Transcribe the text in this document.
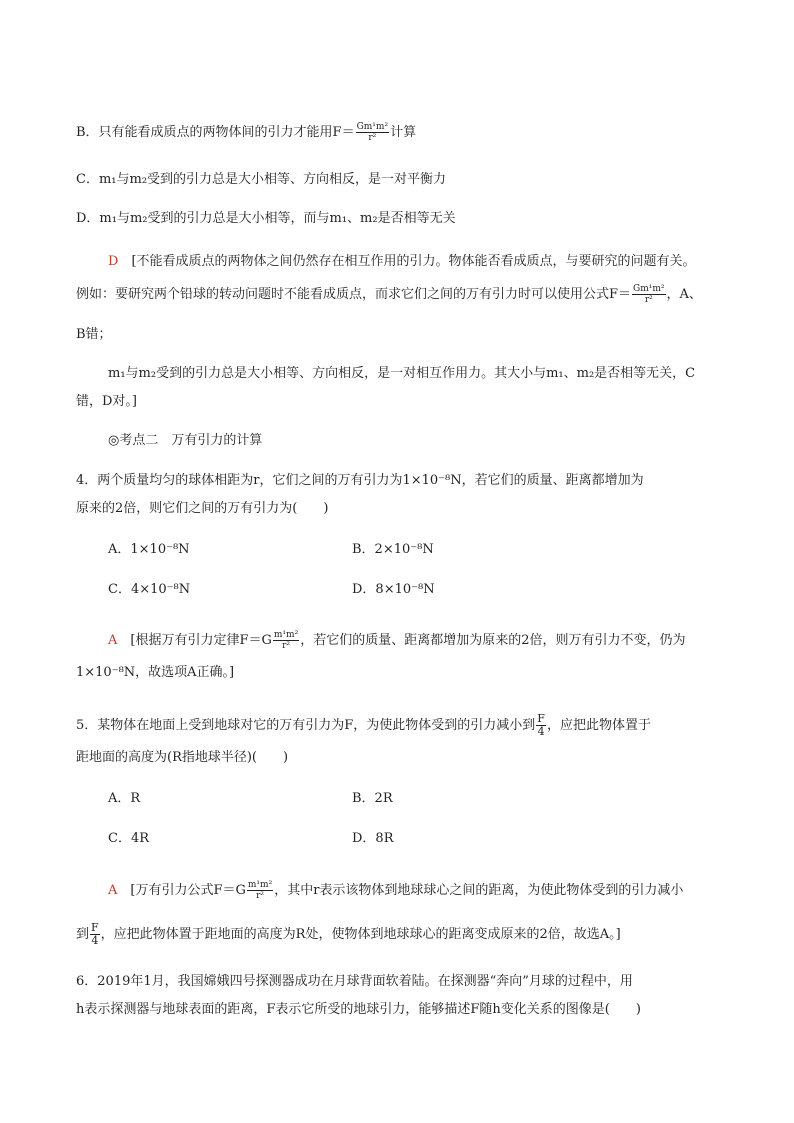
B．只有能看成质点的两物体间的引力才能用$F= \frac{\text{Gm¹m²}}{\text{r²}}$ 计算
C．m₁与m₂受到的引力总是大小相等、方向相反，是一对平衡力
D．m₁与m₂受到的引力总是大小相等，而与m₁、m₂是否相等无关
D　 [不能看成质点的两物体之间仍然存在相互作用的引力。物体能否看成质点，与要研究的问题有关。
例如：要研究两个铅球的转动问题时不能看成质点，而求它们之间的万有引力时可以使用公式$F= \frac{\text{Gm¹m²}}{\text{r²}}$ ，A、
B错；
m₁与m₂受到的引力总是大小相等、方向相反，是一对相互作用力。其大小与m₁、m₂是否相等无关，C
错，D对。]
◎考点二　万有引力的计算
4．两个质量均匀的球体相距为r，它们之间的万有引力为1×10⁻⁸N，若它们的质量、距离都增加为
原来的2倍，则它们之间的万有引力为(　　)
A．1×10⁻⁸N	B．2×10⁻⁸N
C．4×10⁻⁸N	D．8×10⁻⁸N
A　 [根据万有引力定律$F=G \frac{\text{m¹m²}}{\text{r²}}$ ，若它们的质量、距离都增加为原来的2倍，则万有引力不变，仍为
1×10⁻⁸N，故选项A正确。]
5．某物体在地面上受到地球对它的万有引力为F，为使此物体受到的引力减小到 $\frac{F}{4}$ ，应把此物体置于
距地面的高度为(R指地球半径)(　　)
A．R	B．2R
C．4R	D．8R
A　 [万有引力公式$F=G \frac{\text{m¹m²}}{\text{r²}}$ ，其中r表示该物体到地球球心之间的距离，为使此物体受到的引力减小
到 $\frac{F}{4}$ ，应把此物体置于距地面的高度为R处，使物体到地球球心的距离变成原来的2倍，故选A。]
6．2019年1月，我国嫦娥四号探测器成功在月球背面软着陆。在探测器“奔向”月球的过程中，用
h表示探测器与地球表面的距离，F表示它所受的地球引力，能够描述F随h变化关系的图像是(　　)
